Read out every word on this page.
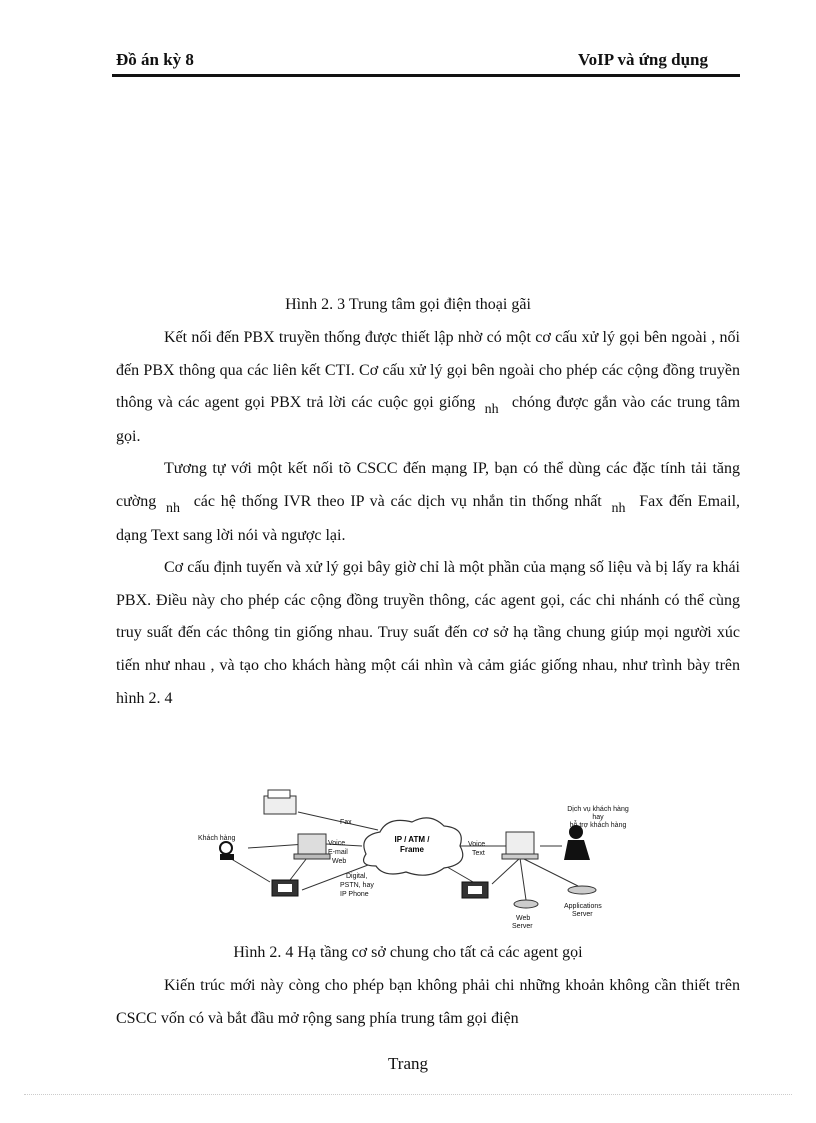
Đồ án kỳ 8	VoIP và ứng dụng
Hình 2. 3 Trung tâm gọi điện thoại gãi

Kết nối đến PBX truyền thống được thiết lập nhờ có một cơ cấu xử lý gọi bên ngoài , nối đến PBX thông qua các liên kết CTI. Cơ cấu xử lý gọi bên ngoài cho phép các cộng đồng truyền thông và các agent gọi PBX trả lời các cuộc gọi giống nh chóng được gắn vào các trung tâm gọi.

Tương tự với một kết nối tõ CSCC đến mạng IP, bạn có thể dùng các đặc tính tải tăng cường nh các hệ thống IVR theo IP và các dịch vụ nhắn tin thống nhất nh Fax đến Email, dạng Text sang lời nói và ngược lại.

Cơ cấu định tuyến và xử lý gọi bây giờ chỉ là một phần của mạng số liệu và bị lấy ra khái PBX. Điều này cho phép các cộng đồng truyền thông, các agent gọi, các chi nhánh có thể cùng truy suất đến các thông tin giống nhau. Truy suất đến cơ sở hạ tầng chung giúp mọi người xúc tiến như nhau , và tạo cho khách hàng một cái nhìn và cảm giác giống nhau, như trình bày trên hình 2. 4

IP / ATM /
Frame
Khách hàng
Fax
Voice
E-mail
Web
Digital,
PSTN, hay
IP Phone
Voice
Text
Dịch vụ khách hàng
hay
hỗ trợ khách hàng
Applications
Server
Web
Server
Hình 2. 4 Hạ tầng cơ sở chung cho tất cả các agent gọi

Kiến trúc mới này còng cho phép bạn không phải chi những khoản không cần thiết trên CSCC vốn có và bắt đầu mở rộng sang phía trung tâm gọi điện

Trang
